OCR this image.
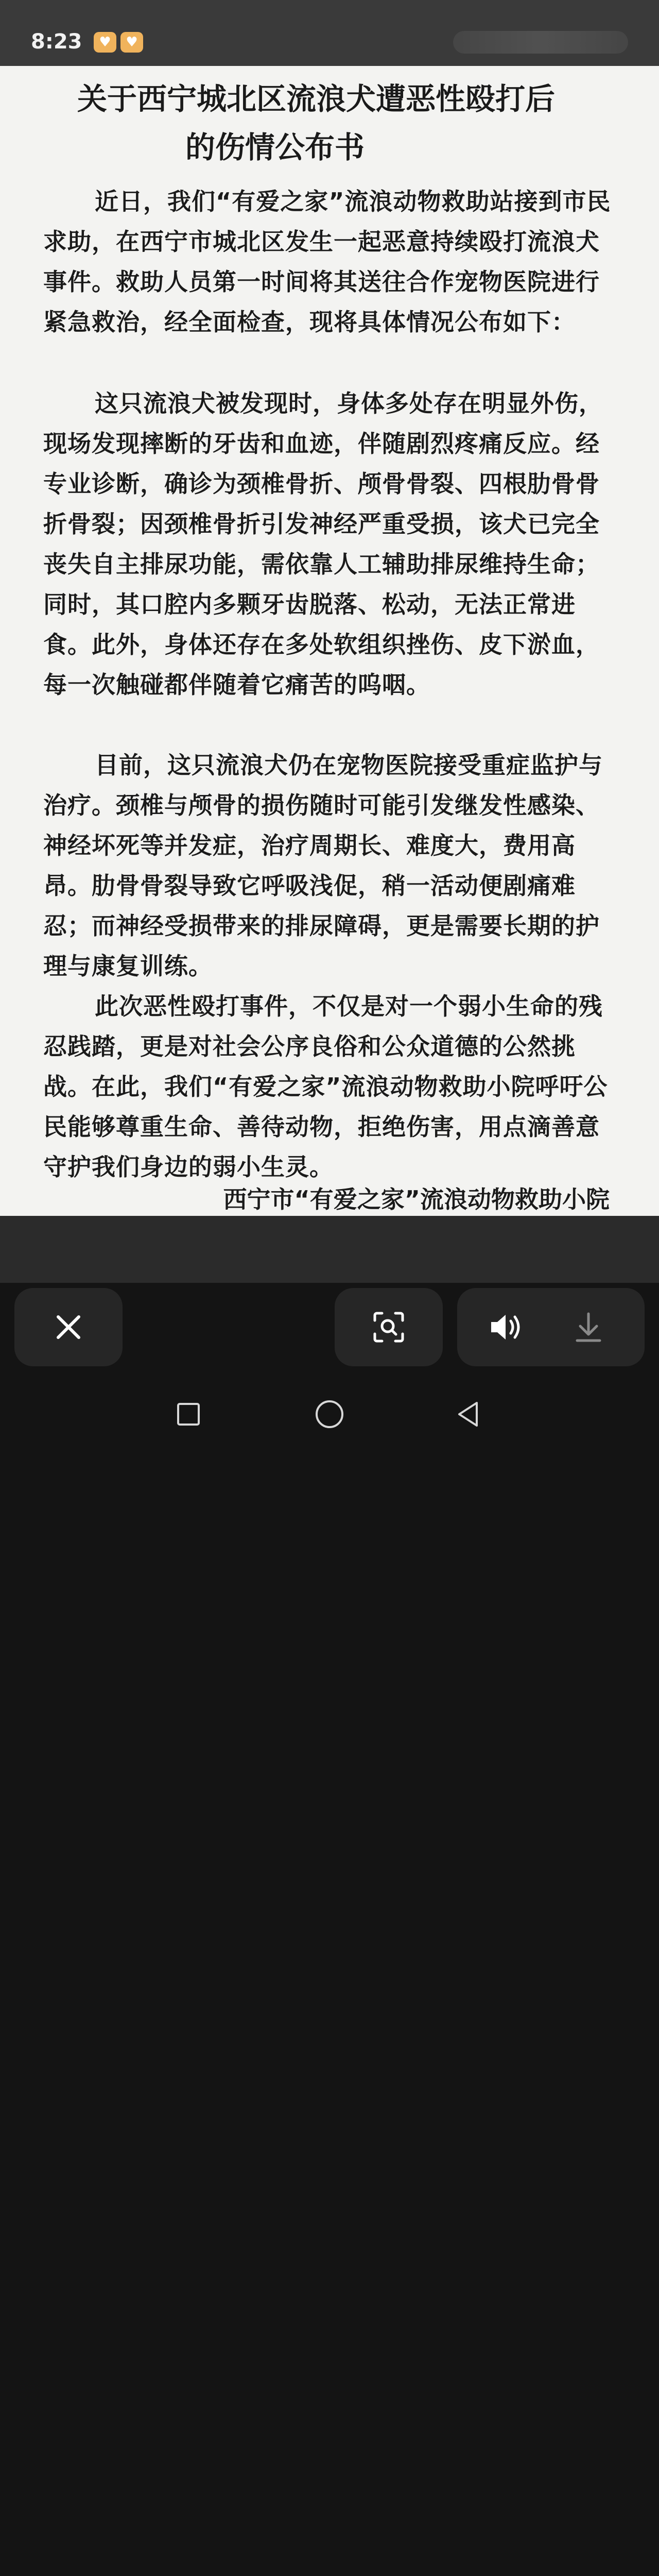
8:23	♥	♥
关于西宁城北区流浪犬遭恶性殴打后
的伤情公布书

近日，我们“有爱之家”流浪动物救助站接到市民求助，在西宁市城北区发生一起恶意持续殴打流浪犬事件。救助人员第一时间将其送往合作宠物医院进行紧急救治，经全面检查，现将具体情况公布如下：

这只流浪犬被发现时，身体多处存在明显外伤，现场发现摔断的牙齿和血迹，伴随剧烈疼痛反应。经专业诊断，确诊为颈椎骨折、颅骨骨裂、四根肋骨骨折骨裂；因颈椎骨折引发神经严重受损，该犬已完全丧失自主排尿功能，需依靠人工辅助排尿维持生命；同时，其口腔内多颗牙齿脱落、松动，无法正常进食。此外，身体还存在多处软组织挫伤、皮下淤血，每一次触碰都伴随着它痛苦的呜咽。

目前，这只流浪犬仍在宠物医院接受重症监护与治疗。颈椎与颅骨的损伤随时可能引发继发性感染、神经坏死等并发症，治疗周期长、难度大，费用高昂。肋骨骨裂导致它呼吸浅促，稍一活动便剧痛难忍；而神经受损带来的排尿障碍，更是需要长期的护理与康复训练。

此次恶性殴打事件，不仅是对一个弱小生命的残忍践踏，更是对社会公序良俗和公众道德的公然挑战。在此，我们“有爱之家”流浪动物救助小院呼吁公民能够尊重生命、善待动物，拒绝伤害，用点滴善意守护我们身边的弱小生灵。

西宁市“有爱之家”流浪动物救助小院
